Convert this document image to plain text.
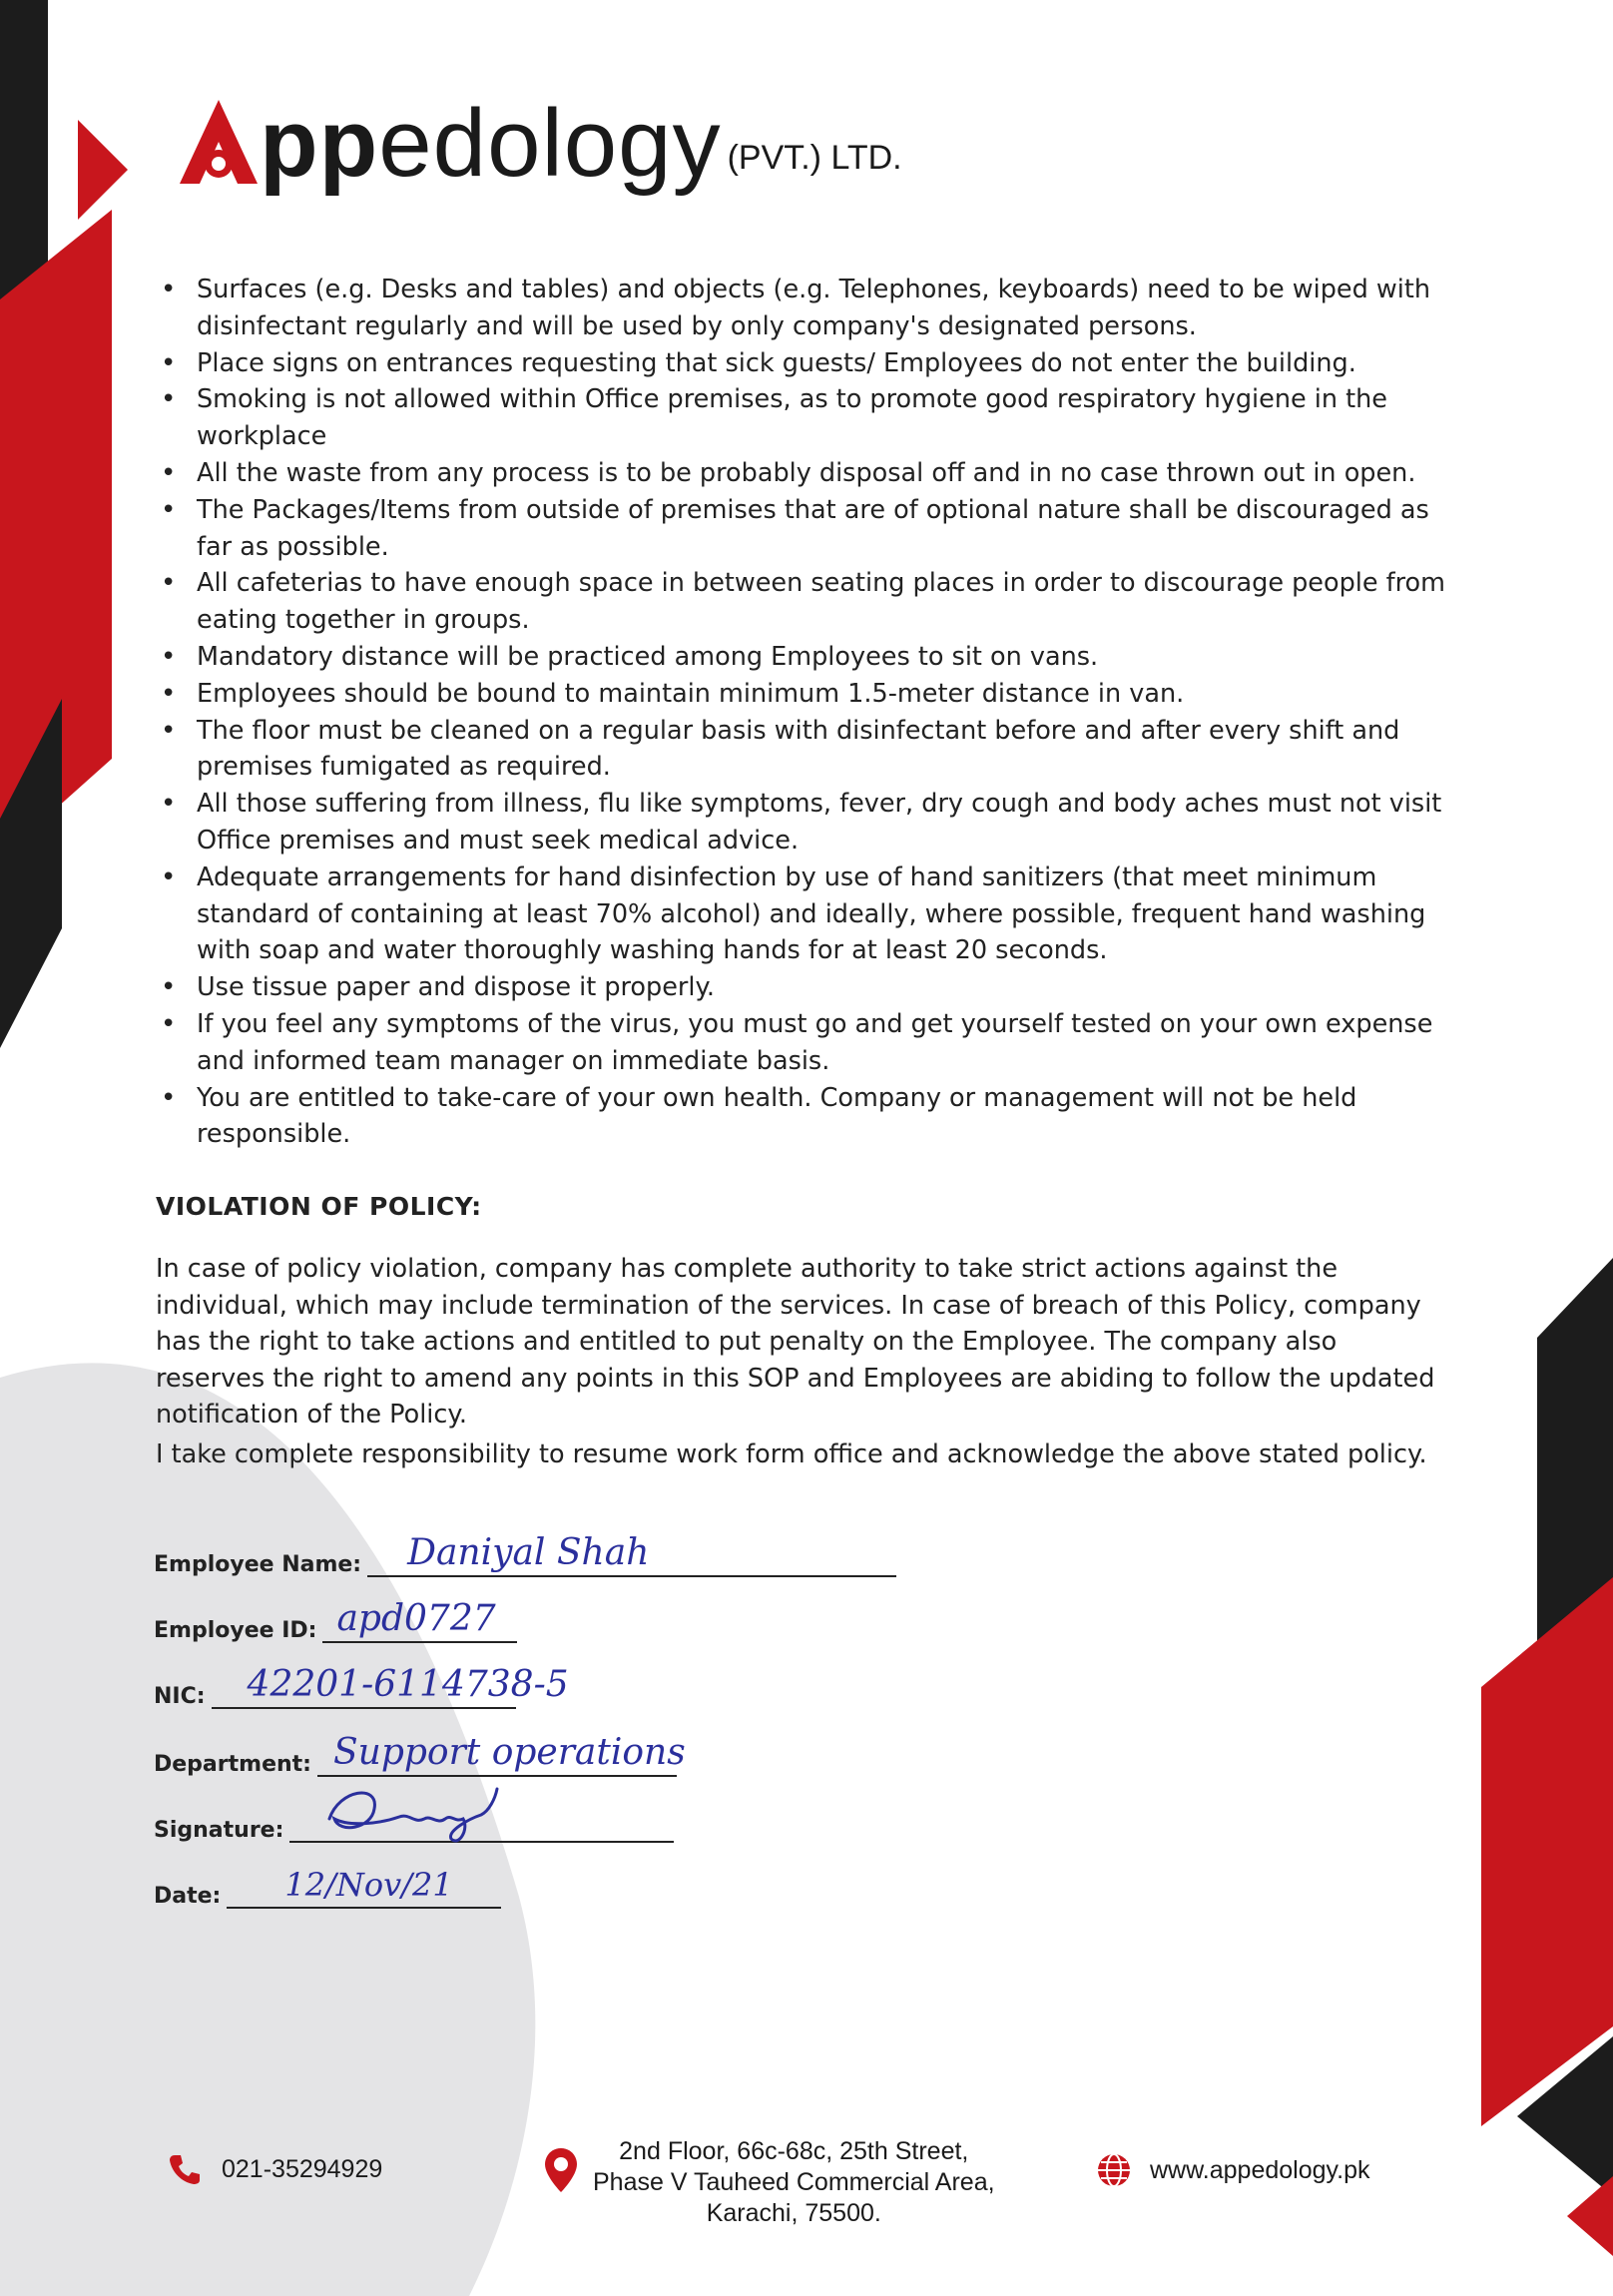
ppedology (PVT.) LTD.
• Surfaces (e.g. Desks and tables) and objects (e.g. Telephones, keyboards) need to be wiped with disinfectant regularly and will be used by only company's designated persons.
• Place signs on entrances requesting that sick guests/ Employees do not enter the building.
• Smoking is not allowed within Office premises, as to promote good respiratory hygiene in the workplace
• All the waste from any process is to be probably disposal off and in no case thrown out in open.
• The Packages/Items from outside of premises that are of optional nature shall be discouraged as far as possible.
• All cafeterias to have enough space in between seating places in order to discourage people from eating together in groups.
• Mandatory distance will be practiced among Employees to sit on vans.
• Employees should be bound to maintain minimum 1.5-meter distance in van.
• The floor must be cleaned on a regular basis with disinfectant before and after every shift and premises fumigated as required.
• All those suffering from illness, flu like symptoms, fever, dry cough and body aches must not visit Office premises and must seek medical advice.
• Adequate arrangements for hand disinfection by use of hand sanitizers (that meet minimum standard of containing at least 70% alcohol) and ideally, where possible, frequent hand washing with soap and water thoroughly washing hands for at least 20 seconds.
• Use tissue paper and dispose it properly.
• If you feel any symptoms of the virus, you must go and get yourself tested on your own expense and informed team manager on immediate basis.
• You are entitled to take-care of your own health. Company or management will not be held responsible.
VIOLATION OF POLICY:

In case of policy violation, company has complete authority to take strict actions against the individual, which may include termination of the services. In case of breach of this Policy, company has the right to take actions and entitled to put penalty on the Employee. The company also reserves the right to amend any points in this SOP and Employees are abiding to follow the updated notification of the Policy.

I take complete responsibility to resume work form office and acknowledge the above stated policy.

Employee Name: Daniyal Shah
Employee ID: apd0727
NIC: 42201-6114738-5
Department: Support operations
Signature:
Date: 12/Nov/21
021-35294929
2nd Floor, 66c-68c, 25th Street,
Phase V Tauheed Commercial Area,
Karachi, 75500.
www.appedology.pk
